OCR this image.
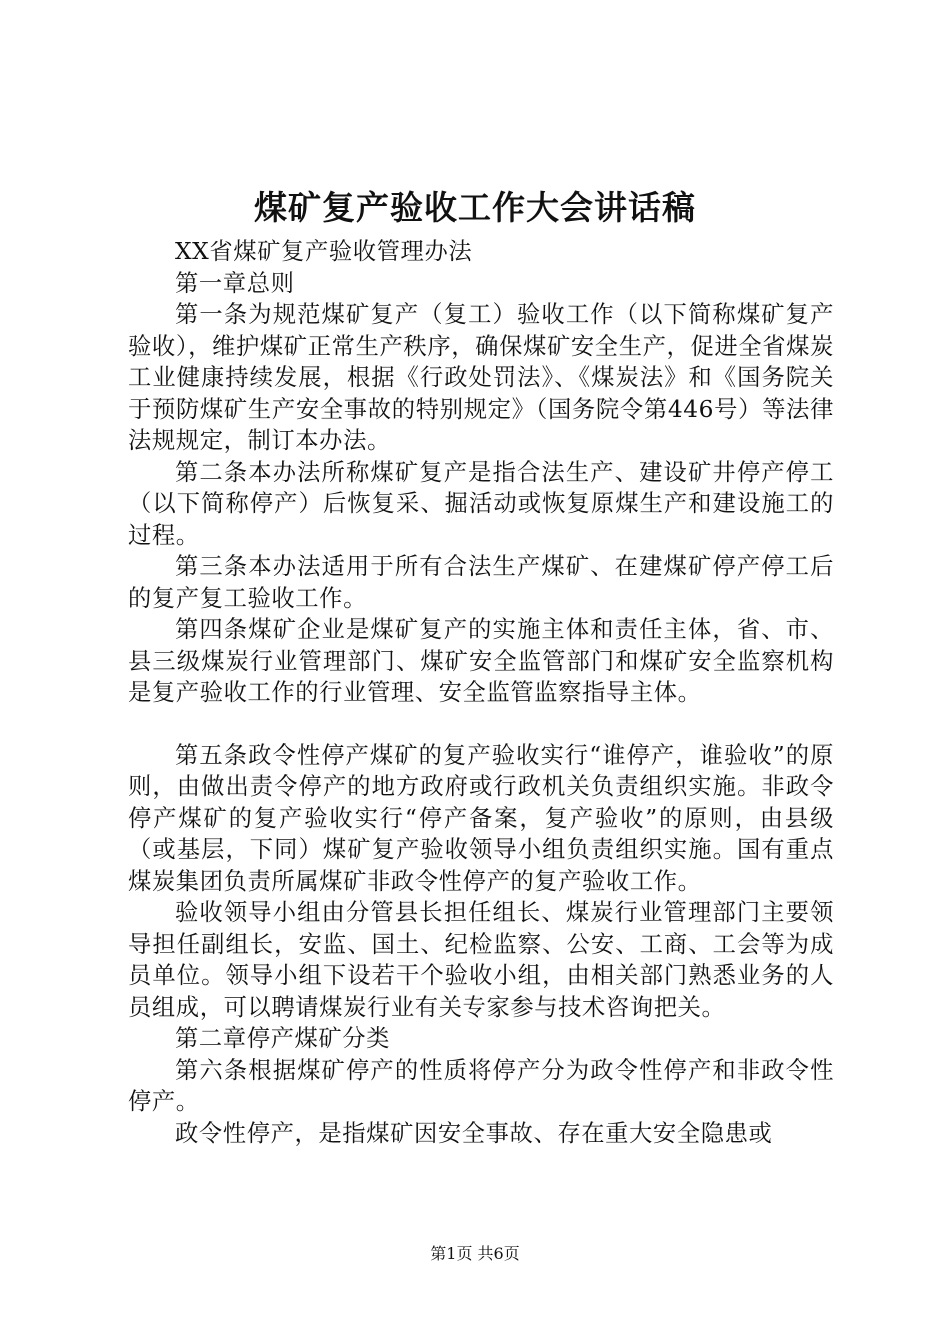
煤矿复产验收工作大会讲话稿

XX省煤矿复产验收管理办法

第一章总则

第一条为规范煤矿复产（复工）验收工作（以下简称煤矿复产验收），维护煤矿正常生产秩序，确保煤矿安全生产，促进全省煤炭工业健康持续发展，根据《行政处罚法》、《煤炭法》和《国务院关于预防煤矿生产安全事故的特别规定》（国务院令第446号）等法律法规规定，制订本办法。

第二条本办法所称煤矿复产是指合法生产、建设矿井停产停工（以下简称停产）后恢复采、掘活动或恢复原煤生产和建设施工的过程。

第三条本办法适用于所有合法生产煤矿、在建煤矿停产停工后的复产复工验收工作。

第四条煤矿企业是煤矿复产的实施主体和责任主体，省、市、县三级煤炭行业管理部门、煤矿安全监管部门和煤矿安全监察机构是复产验收工作的行业管理、安全监管监察指导主体。

第五条政令性停产煤矿的复产验收实行“谁停产，谁验收”的原则，由做出责令停产的地方政府或行政机关负责组织实施。非政令停产煤矿的复产验收实行“停产备案，复产验收”的原则，由县级（或基层，下同）煤矿复产验收领导小组负责组织实施。国有重点煤炭集团负责所属煤矿非政令性停产的复产验收工作。

验收领导小组由分管县长担任组长、煤炭行业管理部门主要领导担任副组长，安监、国土、纪检监察、公安、工商、工会等为成员单位。领导小组下设若干个验收小组，由相关部门熟悉业务的人员组成，可以聘请煤炭行业有关专家参与技术咨询把关。

第二章停产煤矿分类

第六条根据煤矿停产的性质将停产分为政令性停产和非政令性停产。

政令性停产，是指煤矿因安全事故、存在重大安全隐患或

第1页 共6页
